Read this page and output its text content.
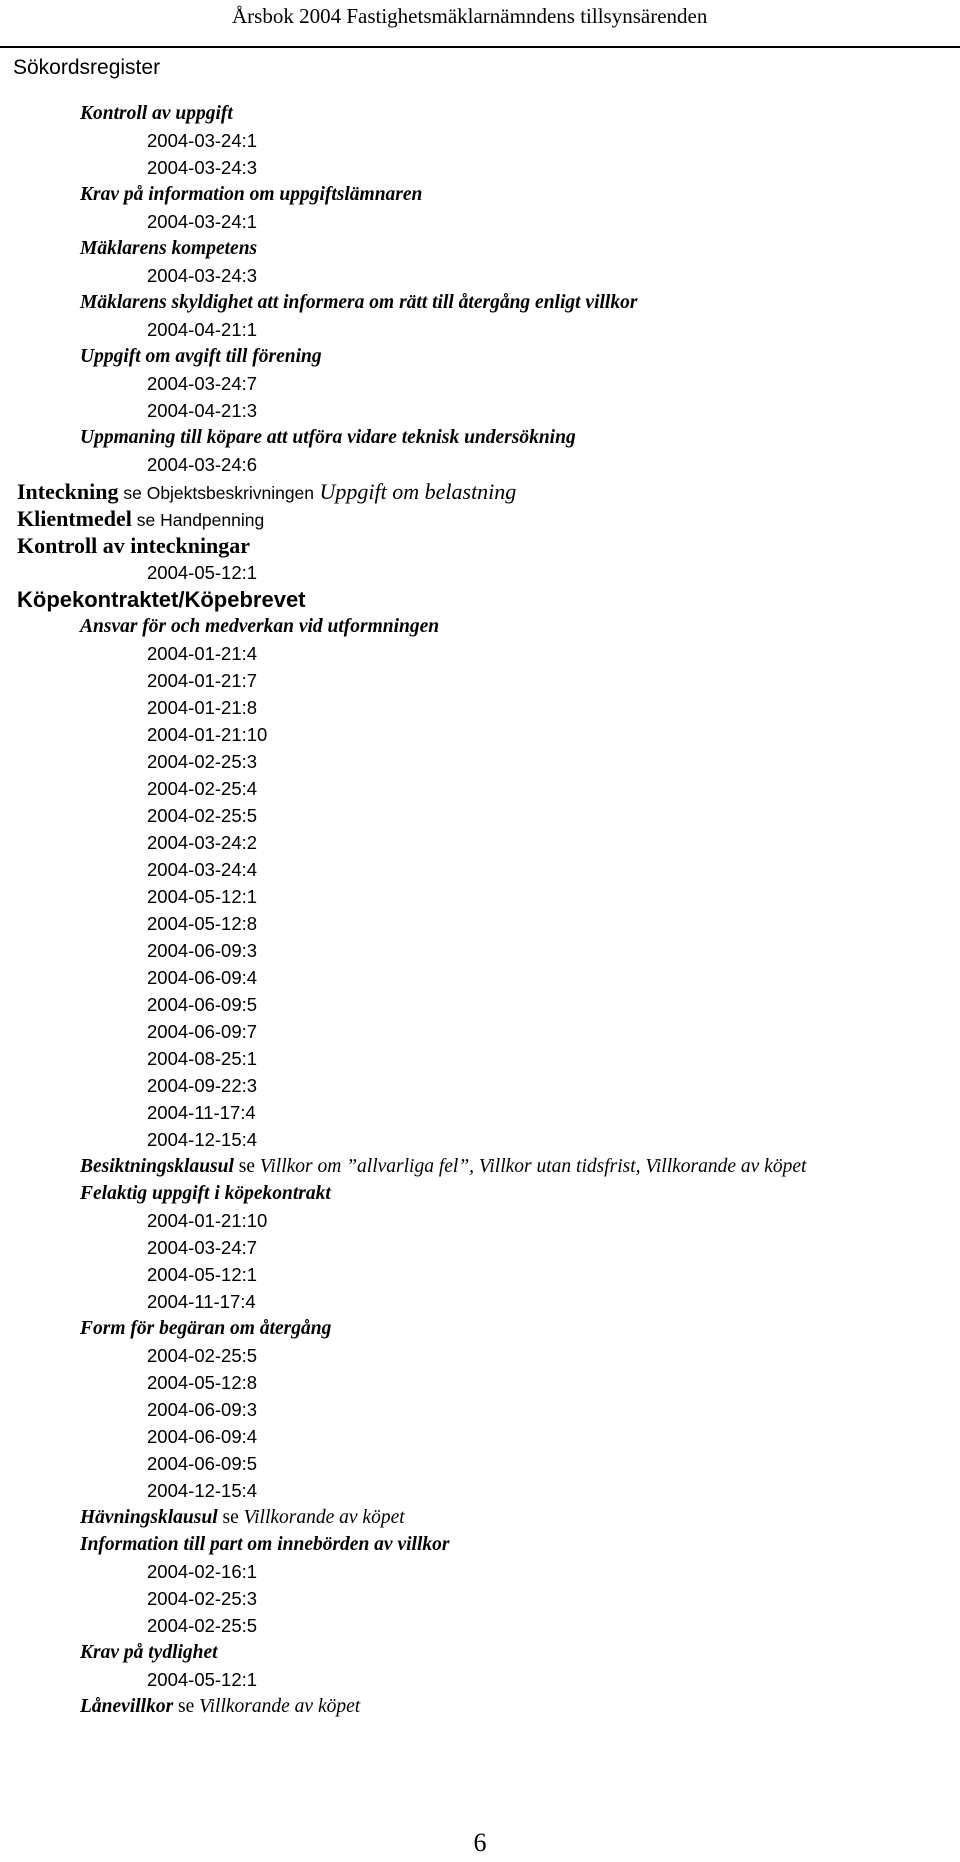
Årsbok 2004 Fastighetsmäklarnämndens tillsynsärenden
Sökordsregister
Kontroll av uppgift
2004-03-24:1
2004-03-24:3
Krav på information om uppgiftslämnaren
2004-03-24:1
Mäklarens kompetens
2004-03-24:3
Mäklarens skyldighet att informera om rätt till återgång enligt villkor
2004-04-21:1
Uppgift om avgift till förening
2004-03-24:7
2004-04-21:3
Uppmaning till köpare att utföra vidare teknisk undersökning
2004-03-24:6
Inteckning se Objektsbeskrivningen Uppgift om belastning
Klientmedel se Handpenning
Kontroll av inteckningar
2004-05-12:1
Köpekontraktet/Köpebrevet
Ansvar för och medverkan vid utformningen
2004-01-21:4
2004-01-21:7
2004-01-21:8
2004-01-21:10
2004-02-25:3
2004-02-25:4
2004-02-25:5
2004-03-24:2
2004-03-24:4
2004-05-12:1
2004-05-12:8
2004-06-09:3
2004-06-09:4
2004-06-09:5
2004-06-09:7
2004-08-25:1
2004-09-22:3
2004-11-17:4
2004-12-15:4
Besiktningsklausul se Villkor om ”allvarliga fel”, Villkor utan tidsfrist, Villkorande av köpet
Felaktig uppgift i köpekontrakt
2004-01-21:10
2004-03-24:7
2004-05-12:1
2004-11-17:4
Form för begäran om återgång
2004-02-25:5
2004-05-12:8
2004-06-09:3
2004-06-09:4
2004-06-09:5
2004-12-15:4
Hävningsklausul se Villkorande av köpet
Information till part om innebörden av villkor
2004-02-16:1
2004-02-25:3
2004-02-25:5
Krav på tydlighet
2004-05-12:1
Lånevillkor se Villkorande av köpet
6
